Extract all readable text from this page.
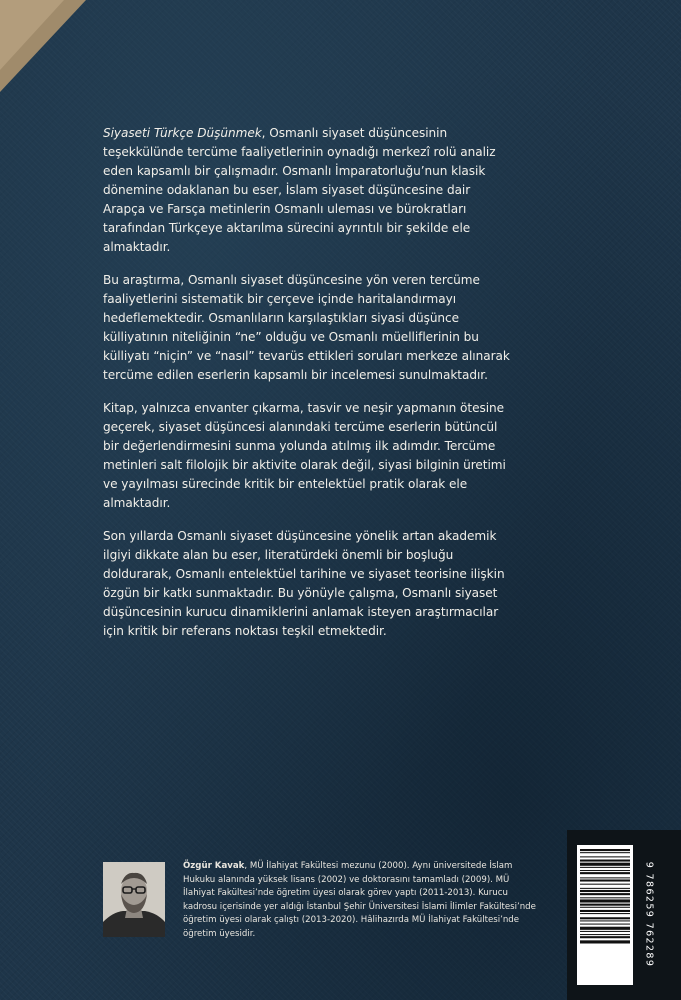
Siyaseti Türkçe Düşünmek, Osmanlı siyaset düşüncesinin teşekkülünde tercüme faaliyetlerinin oynadığı merkezî rolü analiz eden kapsamlı bir çalışmadır. Osmanlı İmparatorluğu’nun klasik dönemine odaklanan bu eser, İslam siyaset düşüncesine dair Arapça ve Farsça metinlerin Osmanlı uleması ve bürokratları tarafından Türkçeye aktarılma sürecini ayrıntılı bir şekilde ele almaktadır.

Bu araştırma, Osmanlı siyaset düşüncesine yön veren tercüme faaliyetlerini sistematik bir çerçeve içinde haritalandırmayı hedeflemektedir. Osmanlıların karşılaştıkları siyasi düşünce külliyatının niteliğinin “ne” olduğu ve Osmanlı müelliflerinin bu külliyatı “niçin” ve “nasıl” tevarüs ettikleri soruları merkeze alınarak tercüme edilen eserlerin kapsamlı bir incelemesi sunulmaktadır.

Kitap, yalnızca envanter çıkarma, tasvir ve neşir yapmanın ötesine geçerek, siyaset düşüncesi alanındaki tercüme eserlerin bütüncül bir değerlendirmesini sunma yolunda atılmış ilk adımdır. Tercüme metinleri salt filolojik bir aktivite olarak değil, siyasi bilginin üretimi ve yayılması sürecinde kritik bir entelektüel pratik olarak ele almaktadır.

Son yıllarda Osmanlı siyaset düşüncesine yönelik artan akademik ilgiyi dikkate alan bu eser, literatürdeki önemli bir boşluğu doldurarak, Osmanlı entelektüel tarihine ve siyaset teorisine ilişkin özgün bir katkı sunmaktadır. Bu yönüyle çalışma, Osmanlı siyaset düşüncesinin kurucu dinamiklerini anlamak isteyen araştırmacılar için kritik bir referans noktası teşkil etmektedir.

Özgür Kavak, MÜ İlahiyat Fakültesi mezunu (2000). Aynı üniversitede İslam Hukuku alanında yüksek lisans (2002) ve doktorasını tamamladı (2009). MÜ İlahiyat Fakültesi’nde öğretim üyesi olarak görev yaptı (2011-2013). Kurucu kadrosu içerisinde yer aldığı İstanbul Şehir Üniversitesi İslami İlimler Fakültesi’nde öğretim üyesi olarak çalıştı (2013-2020). Hâlihazırda MÜ İlahiyat Fakültesi’nde öğretim üyesidir.	9 786259 762289
